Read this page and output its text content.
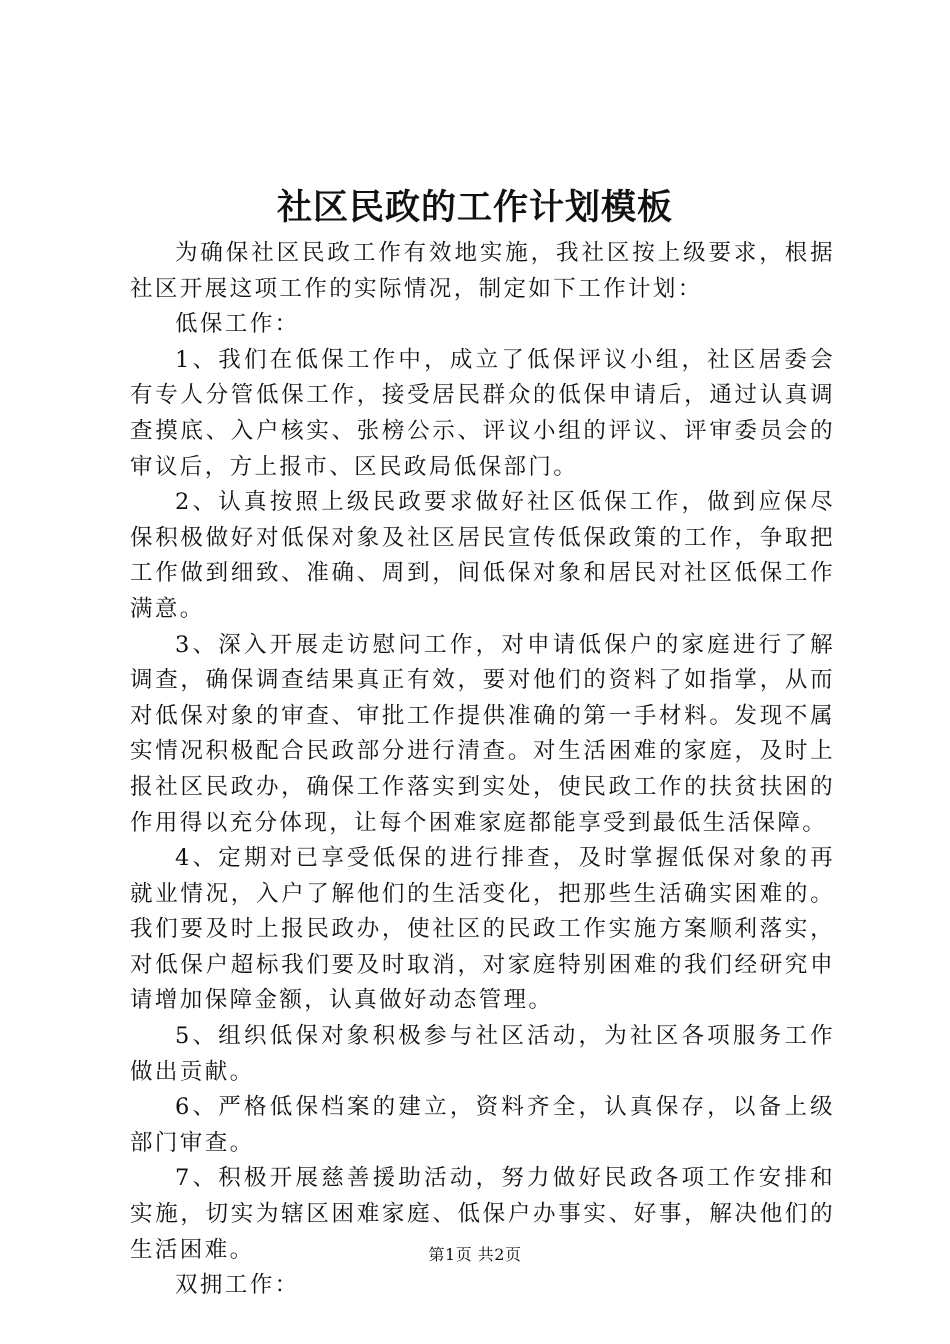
社区民政的工作计划模板

为确保社区民政工作有效地实施，我社区按上级要求，根据社区开展这项工作的实际情况，制定如下工作计划：

低保工作：

1、我们在低保工作中，成立了低保评议小组，社区居委会有专人分管低保工作，接受居民群众的低保申请后，通过认真调查摸底、入户核实、张榜公示、评议小组的评议、评审委员会的审议后，方上报市、区民政局低保部门。

2、认真按照上级民政要求做好社区低保工作，做到应保尽保积极做好对低保对象及社区居民宣传低保政策的工作，争取把工作做到细致、准确、周到，间低保对象和居民对社区低保工作满意。

3、深入开展走访慰问工作，对申请低保户的家庭进行了解调查，确保调查结果真正有效，要对他们的资料了如指掌，从而对低保对象的审查、审批工作提供准确的第一手材料。发现不属实情况积极配合民政部分进行清查。对生活困难的家庭，及时上报社区民政办，确保工作落实到实处，使民政工作的扶贫扶困的作用得以充分体现，让每个困难家庭都能享受到最低生活保障。

4、定期对已享受低保的进行排查，及时掌握低保对象的再就业情况，入户了解他们的生活变化，把那些生活确实困难的。我们要及时上报民政办，使社区的民政工作实施方案顺利落实，对低保户超标我们要及时取消，对家庭特别困难的我们经研究申请增加保障金额，认真做好动态管理。

5、组织低保对象积极参与社区活动，为社区各项服务工作做出贡献。

6、严格低保档案的建立，资料齐全，认真保存，以备上级部门审查。

7、积极开展慈善援助活动，努力做好民政各项工作安排和实施，切实为辖区困难家庭、低保户办事实、好事，解决他们的生活困难。

双拥工作：

第1页 共2页
